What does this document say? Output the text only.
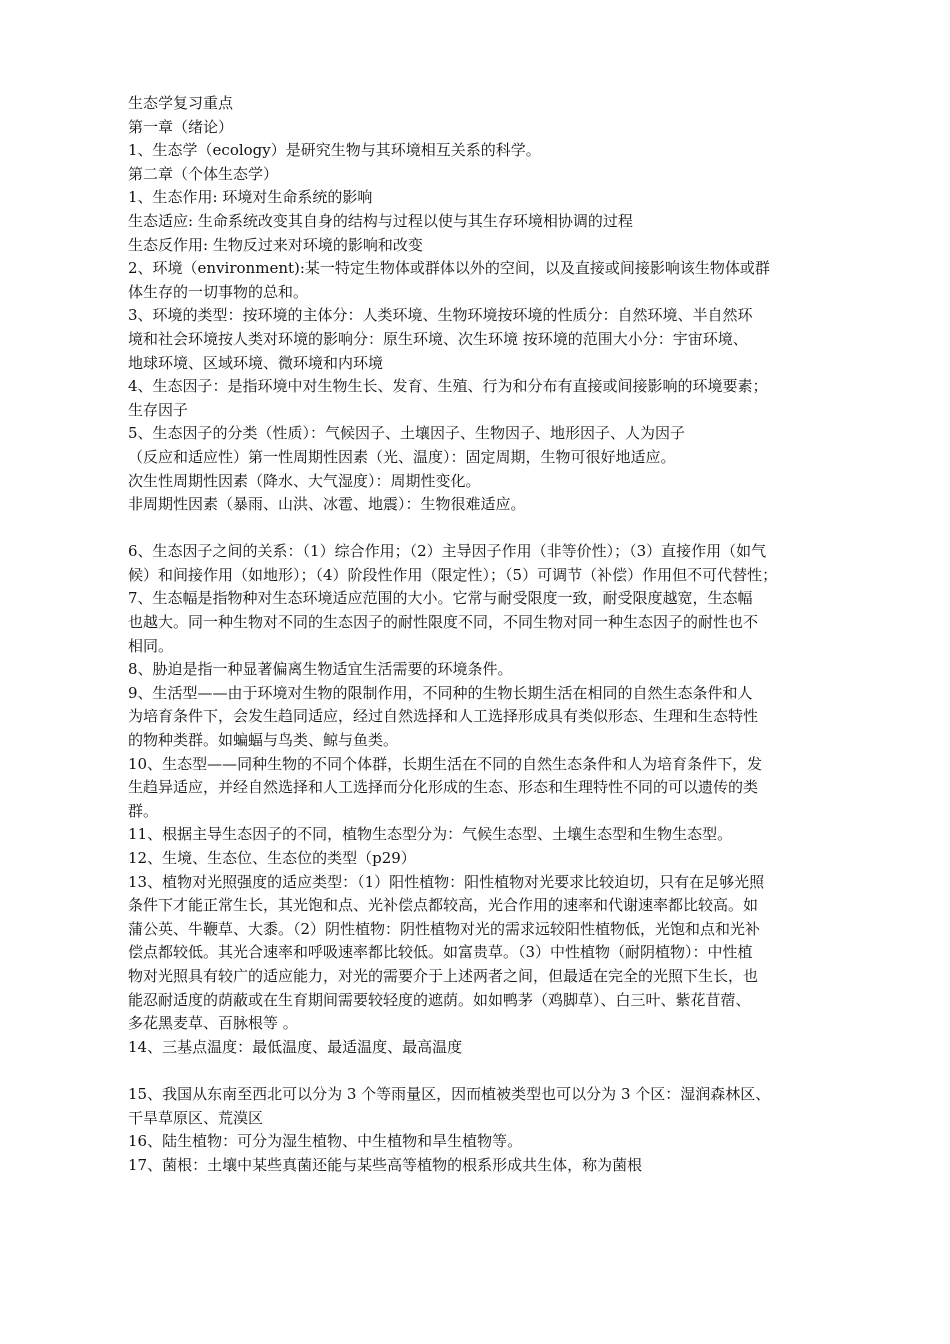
生态学复习重点
第一章（绪论）
1、生态学（ecology）是研究生物与其环境相互关系的科学。
第二章（个体生态学）
1、生态作用: 环境对生命系统的影响
生态适应: 生命系统改变其自身的结构与过程以使与其生存环境相协调的过程
生态反作用: 生物反过来对环境的影响和改变
2、环境（environment):某一特定生物体或群体以外的空间，以及直接或间接影响该生物体或群
体生存的一切事物的总和。
3、环境的类型：按环境的主体分：人类环境、生物环境按环境的性质分：自然环境、半自然环
境和社会环境按人类对环境的影响分：原生环境、次生环境 按环境的范围大小分：宇宙环境、
地球环境、区域环境、微环境和内环境
4、生态因子：是指环境中对生物生长、发育、生殖、行为和分布有直接或间接影响的环境要素；
生存因子
5、生态因子的分类（性质）：气候因子、土壤因子、生物因子、地形因子、人为因子
（反应和适应性）第一性周期性因素（光、温度）：固定周期，生物可很好地适应。
次生性周期性因素（降水、大气湿度）：周期性变化。
非周期性因素（暴雨、山洪、冰雹、地震）：生物很难适应。
6、生态因子之间的关系：（1）综合作用；（2）主导因子作用（非等价性）；（3）直接作用（如气
候）和间接作用（如地形）；（4）阶段性作用（限定性）；（5）可调节（补偿）作用但不可代替性；
7、生态幅是指物种对生态环境适应范围的大小。它常与耐受限度一致，耐受限度越宽，生态幅
也越大。同一种生物对不同的生态因子的耐性限度不同，不同生物对同一种生态因子的耐性也不
相同。
8、胁迫是指一种显著偏离生物适宜生活需要的环境条件。
9、生活型——由于环境对生物的限制作用，不同种的生物长期生活在相同的自然生态条件和人
为培育条件下，会发生趋同适应，经过自然选择和人工选择形成具有类似形态、生理和生态特性
的物种类群。如蝙蝠与鸟类、鲸与鱼类。
10、生态型——同种生物的不同个体群，长期生活在不同的自然生态条件和人为培育条件下，发
生趋异适应，并经自然选择和人工选择而分化形成的生态、形态和生理特性不同的可以遗传的类
群。
11、根据主导生态因子的不同，植物生态型分为：气候生态型、土壤生态型和生物生态型。
12、生境、生态位、生态位的类型（p29）
13、植物对光照强度的适应类型：（1）阳性植物：阳性植物对光要求比较迫切，只有在足够光照
条件下才能正常生长，其光饱和点、光补偿点都较高，光合作用的速率和代谢速率都比较高。如
蒲公英、牛鞭草、大黍。（2）阴性植物：阴性植物对光的需求远较阳性植物低，光饱和点和光补
偿点都较低。其光合速率和呼吸速率都比较低。如富贵草。（3）中性植物（耐阴植物）：中性植
物对光照具有较广的适应能力，对光的需要介于上述两者之间，但最适在完全的光照下生长，也
能忍耐适度的荫蔽或在生育期间需要较轻度的遮荫。如如鸭茅（鸡脚草）、白三叶、紫花苜蓿、
多花黑麦草、百脉根等 。
14、三基点温度：最低温度、最适温度、最高温度
15、我国从东南至西北可以分为 3 个等雨量区，因而植被类型也可以分为 3 个区：湿润森林区、
干旱草原区、荒漠区
16、陆生植物：可分为湿生植物、中生植物和旱生植物等。
17、菌根：土壤中某些真菌还能与某些高等植物的根系形成共生体，称为菌根
